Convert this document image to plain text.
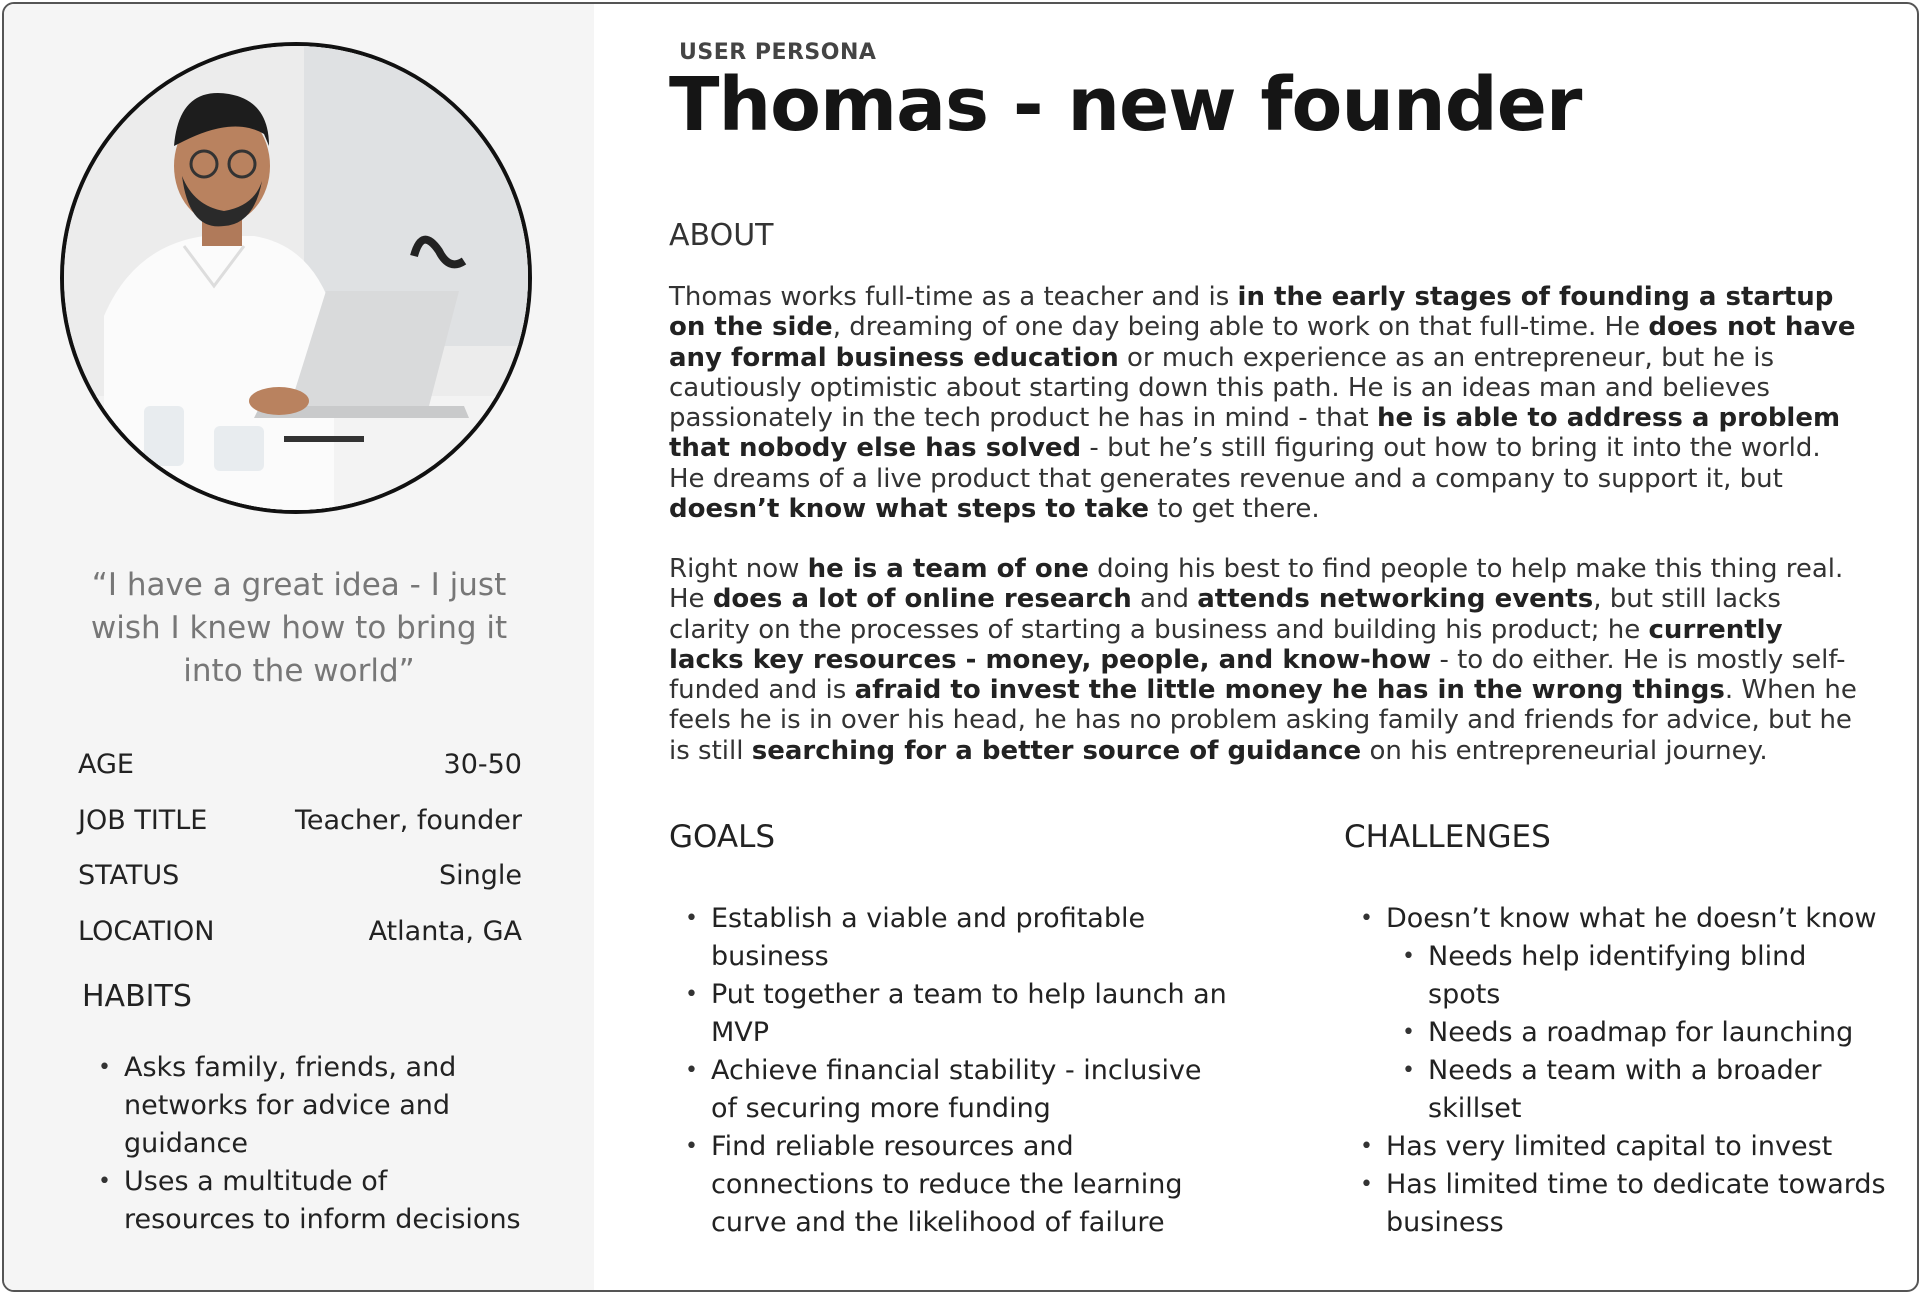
“I have a great idea - I just wish I knew how to bring it into the world”
AGE	30-50
JOB TITLE	Teacher, founder
STATUS	Single
LOCATION	Atlanta, GA
HABITS
• Asks family, friends, and networks for advice and guidance
• Uses a multitude of resources to inform decisions
USER PERSONA
Thomas - new founder
ABOUT
Thomas works full-time as a teacher and is in the early stages of founding a startup on the side, dreaming of one day being able to work on that full-time. He does not have any formal business education or much experience as an entrepreneur, but he is cautiously optimistic about starting down this path. He is an ideas man and believes passionately in the tech product he has in mind - that he is able to address a problem that nobody else has solved - but he’s still figuring out how to bring it into the world. He dreams of a live product that generates revenue and a company to support it, but doesn’t know what steps to take to get there.
Right now he is a team of one doing his best to find people to help make this thing real. He does a lot of online research and attends networking events, but still lacks clarity on the processes of starting a business and building his product; he currently lacks key resources - money, people, and know-how - to do either. He is mostly self-funded and is afraid to invest the little money he has in the wrong things. When he feels he is in over his head, he has no problem asking family and friends for advice, but he is still searching for a better source of guidance on his entrepreneurial journey.
GOALS
• Establish a viable and profitable business
• Put together a team to help launch an MVP
• Achieve financial stability - inclusive of securing more funding
• Find reliable resources and connections to reduce the learning curve and the likelihood of failure
CHALLENGES
• Doesn’t know what he doesn’t know
• Needs help identifying blind spots
• Needs a roadmap for launching
• Needs a team with a broader skillset
• Has very limited capital to invest
• Has limited time to dedicate towards business
